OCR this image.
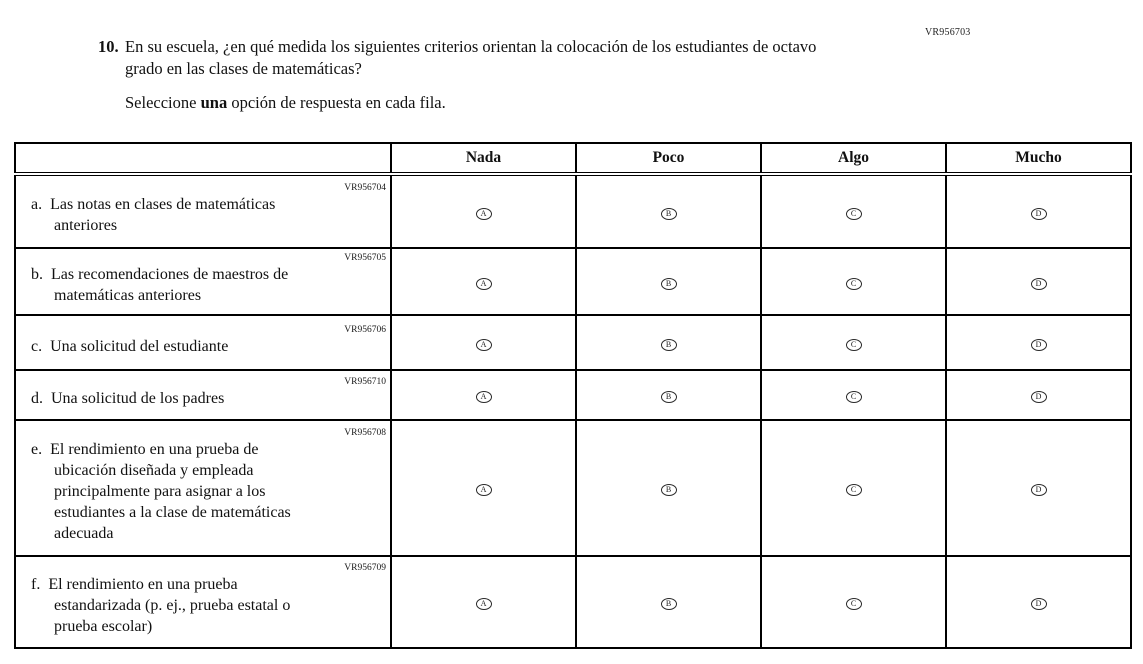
VR956703
10. En su escuela, ¿en qué medida los siguientes criterios orientan la colocación de los estudiantes de octavo grado en las clases de matemáticas?
Seleccione una opción de respuesta en cada fila.
	Nada	Poco	Algo	Mucho

VR956704
a. Las notas en clases de matemáticas anteriores	A	B	C	D

VR956705
b. Las recomendaciones de maestros de matemáticas anteriores	A	B	C	D

VR956706
c. Una solicitud del estudiante	A	B	C	D

VR956710
d. Una solicitud de los padres	A	B	C	D

VR956708
e. El rendimiento en una prueba de ubicación diseñada y empleada principalmente para asignar a los estudiantes a la clase de matemáticas adecuada	A	B	C	D

VR956709
f. El rendimiento en una prueba estandarizada (p. ej., prueba estatal o prueba escolar)	A	B	C	D
